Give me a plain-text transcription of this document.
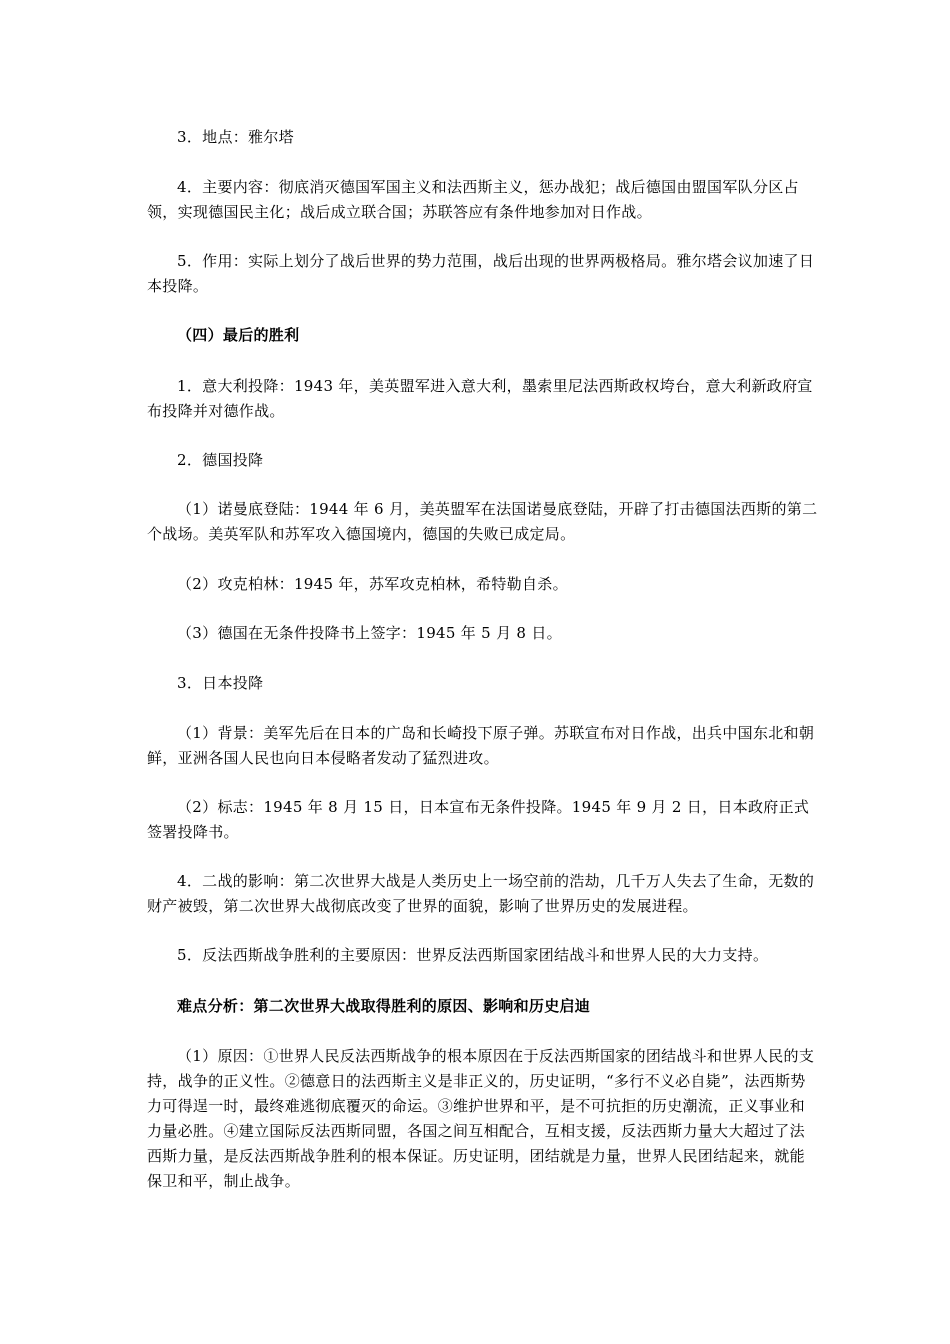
3．地点：雅尔塔

4．主要内容：彻底消灭德国军国主义和法西斯主义，惩办战犯；战后德国由盟国军队分区占领，实现德国民主化；战后成立联合国；苏联答应有条件地参加对日作战。

5．作用：实际上划分了战后世界的势力范围，战后出现的世界两极格局。雅尔塔会议加速了日本投降。

（四）最后的胜利

1．意大利投降：1943 年，美英盟军进入意大利，墨索里尼法西斯政权垮台，意大利新政府宣布投降并对德作战。

2．德国投降

（1）诺曼底登陆：1944 年 6 月，美英盟军在法国诺曼底登陆，开辟了打击德国法西斯的第二个战场。美英军队和苏军攻入德国境内，德国的失败已成定局。

（2）攻克柏林：1945 年，苏军攻克柏林，希特勒自杀。

（3）德国在无条件投降书上签字：1945 年 5 月 8 日。

3．日本投降

（1）背景：美军先后在日本的广岛和长崎投下原子弹。苏联宣布对日作战，出兵中国东北和朝鲜，亚洲各国人民也向日本侵略者发动了猛烈进攻。

（2）标志：1945 年 8 月 15 日，日本宣布无条件投降。1945 年 9 月 2 日，日本政府正式签署投降书。

4．二战的影响：第二次世界大战是人类历史上一场空前的浩劫，几千万人失去了生命，无数的财产被毁，第二次世界大战彻底改变了世界的面貌，影响了世界历史的发展进程。

5．反法西斯战争胜利的主要原因：世界反法西斯国家团结战斗和世界人民的大力支持。

难点分析：第二次世界大战取得胜利的原因、影响和历史启迪

（1）原因：①世界人民反法西斯战争的根本原因在于反法西斯国家的团结战斗和世界人民的支持，战争的正义性。②德意日的法西斯主义是非正义的，历史证明，“多行不义必自毙”，法西斯势力可得逞一时，最终难逃彻底覆灭的命运。③维护世界和平，是不可抗拒的历史潮流，正义事业和力量必胜。④建立国际反法西斯同盟，各国之间互相配合，互相支援，反法西斯力量大大超过了法西斯力量，是反法西斯战争胜利的根本保证。历史证明，团结就是力量，世界人民团结起来，就能保卫和平，制止战争。
